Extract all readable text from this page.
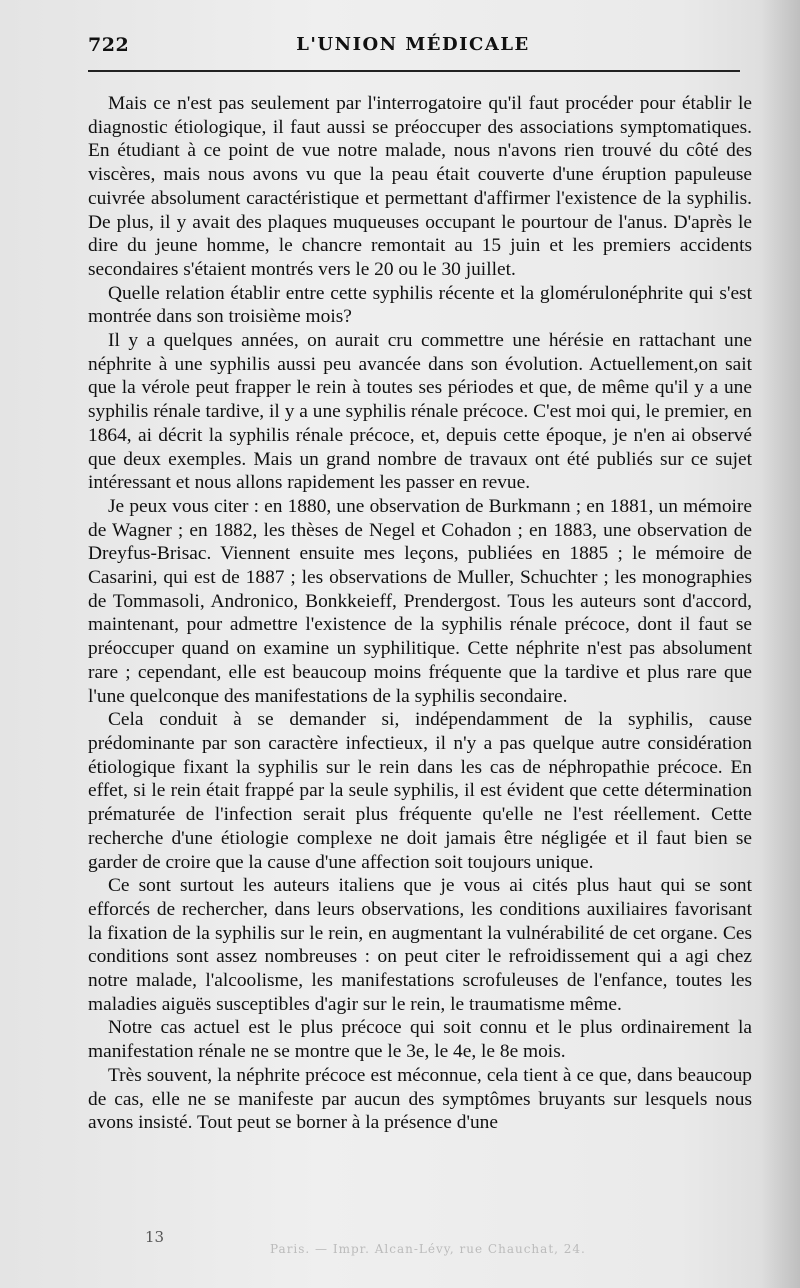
722	L'UNION MÉDICALE

Mais ce n'est pas seulement par l'interrogatoire qu'il faut procéder pour établir le diagnostic étiologique, il faut aussi se préoccuper des associations symptomatiques. En étudiant à ce point de vue notre malade, nous n'avons rien trouvé du côté des viscères, mais nous avons vu que la peau était couverte d'une éruption papuleuse cuivrée absolument caractéristique et permettant d'affirmer l'existence de la syphilis. De plus, il y avait des plaques muqueuses occupant le pourtour de l'anus. D'après le dire du jeune homme, le chancre remontait au 15 juin et les premiers accidents secondaires s'étaient montrés vers le 20 ou le 30 juillet.

Quelle relation établir entre cette syphilis récente et la glomérulonéphrite qui s'est montrée dans son troisième mois?

Il y a quelques années, on aurait cru commettre une hérésie en rattachant une néphrite à une syphilis aussi peu avancée dans son évolution. Actuellement,on sait que la vérole peut frapper le rein à toutes ses périodes et que, de même qu'il y a une syphilis rénale tardive, il y a une syphilis rénale précoce. C'est moi qui, le premier, en 1864, ai décrit la syphilis rénale précoce, et, depuis cette époque, je n'en ai observé que deux exemples. Mais un grand nombre de travaux ont été publiés sur ce sujet intéressant et nous allons rapidement les passer en revue.

Je peux vous citer : en 1880, une observation de Burkmann ; en 1881, un mémoire de Wagner ; en 1882, les thèses de Negel et Cohadon ; en 1883, une observation de Dreyfus-Brisac. Viennent ensuite mes leçons, publiées en 1885 ; le mémoire de Casarini, qui est de 1887 ; les observations de Muller, Schuchter ; les monographies de Tommasoli, Andronico, Bonkkeieff, Prendergost. Tous les auteurs sont d'accord, maintenant, pour admettre l'existence de la syphilis rénale précoce, dont il faut se préoccuper quand on examine un syphilitique. Cette néphrite n'est pas absolument rare ; cependant, elle est beaucoup moins fréquente que la tardive et plus rare que l'une quelconque des manifestations de la syphilis secondaire.

Cela conduit à se demander si, indépendamment de la syphilis, cause prédominante par son caractère infectieux, il n'y a pas quelque autre considération étiologique fixant la syphilis sur le rein dans les cas de néphropathie précoce. En effet, si le rein était frappé par la seule syphilis, il est évident que cette détermination prématurée de l'infection serait plus fréquente qu'elle ne l'est réellement. Cette recherche d'une étiologie complexe ne doit jamais être négligée et il faut bien se garder de croire que la cause d'une affection soit toujours unique.

Ce sont surtout les auteurs italiens que je vous ai cités plus haut qui se sont efforcés de rechercher, dans leurs observations, les conditions auxiliaires favorisant la fixation de la syphilis sur le rein, en augmentant la vulnérabilité de cet organe. Ces conditions sont assez nombreuses : on peut citer le refroidissement qui a agi chez notre malade, l'alcoolisme, les manifestations scrofuleuses de l'enfance, toutes les maladies aiguës susceptibles d'agir sur le rein, le traumatisme même.

Notre cas actuel est le plus précoce qui soit connu et le plus ordinairement la manifestation rénale ne se montre que le 3e, le 4e, le 8e mois.

Très souvent, la néphrite précoce est méconnue, cela tient à ce que, dans beaucoup de cas, elle ne se manifeste par aucun des symptômes bruyants sur lesquels nous avons insisté. Tout peut se borner à la présence d'une

13
Paris. — Impr. Alcan-Lévy, rue Chauchat, 24.
